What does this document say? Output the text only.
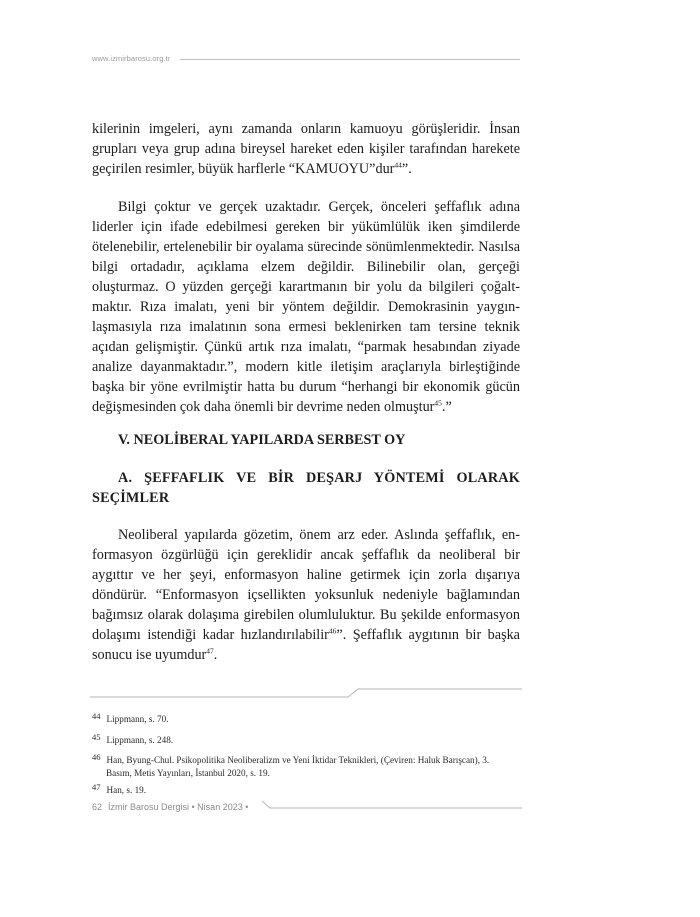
www.izmirbarosu.org.tr
kilerinin imgeleri, aynı zamanda onların kamuoyu görüşleridir. İnsan grupları veya grup adına bireysel hareket eden kişiler tarafından harekete geçirilen resimler, büyük harflerle “KAMUOYU”dur$^{44}$”.
Bilgi çoktur ve gerçek uzaktadır. Gerçek, önceleri şeffaflık adına liderler için ifade edebilmesi gereken bir yükümlülük iken şimdilerde ötelenebilir, ertelenebilir bir oyalama sürecinde sönümlenmektedir. Nasılsa bilgi ortadadır, açıklama elzem değildir. Bilinebilir olan, gerçeği oluşturmaz. O yüzden gerçeği karartmanın bir yolu da bilgileri çoğaltmaktır. Rıza imalatı, yeni bir yöntem değildir. Demokrasinin yaygınlaşmasıyla rıza imalatının sona ermesi beklenirken tam tersine teknik açıdan gelişmiştir. Çünkü artık rıza imalatı, “parmak hesabından ziyade analize dayanmaktadır.”, modern kitle iletişim araçlarıyla birleştiğinde başka bir yöne evrilmiştir hatta bu durum “herhangi bir ekonomik gücün değişmesinden çok daha önemli bir devrime neden olmuştur$^{45}$.”
V. NEOLİBERAL YAPILARDA SERBEST OY
A. ŞEFFAFLIK VE BİR DEŞARJ YÖNTEMİ OLARAK SEÇİMLER
Neoliberal yapılarda gözetim, önem arz eder. Aslında şeffaflık, enformasyon özgürlüğü için gereklidir ancak şeffaflık da neoliberal bir aygıttır ve her şeyi, enformasyon haline getirmek için zorla dışarıya döndürür. “Enformasyon içsellikten yoksunluk nedeniyle bağlamından bağımsız olarak dolaşıma girebilen olumluluktur. Bu şekilde enformasyon dolaşımı istendiği kadar hızlandırılabilir$^{46}$”. Şeffaflık aygıtının bir başka sonucu ise uyumdur$^{47}$.
44 Lippmann, s. 70.
45 Lippmann, s. 248.
46 Han, Byung-Chul. Psikopolitika Neoliberalizm ve Yeni İktidar Teknikleri, (Çeviren: Haluk Barışcan), 3.
Basım, Metis Yayınları, İstanbul 2020, s. 19.
47 Han, s. 19.
62 İzmir Barosu Dergisi • Nisan 2023 •
